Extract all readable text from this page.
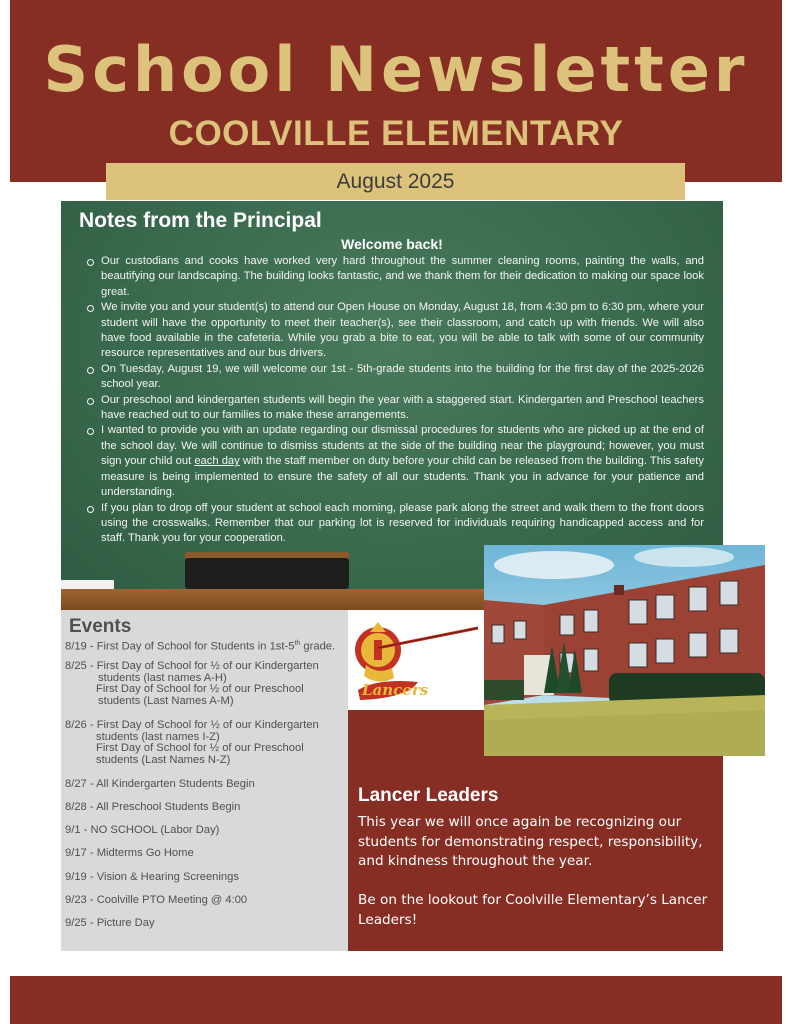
School Newsletter
COOLVILLE ELEMENTARY
August 2025
Notes from the Principal
Welcome back!
Our custodians and cooks have worked very hard throughout the summer cleaning rooms, painting the walls, and beautifying our landscaping. The building looks fantastic, and we thank them for their dedication to making our space look great.
We invite you and your student(s) to attend our Open House on Monday, August 18, from 4:30 pm to 6:30 pm, where your student will have the opportunity to meet their teacher(s), see their classroom, and catch up with friends. We will also have food available in the cafeteria. While you grab a bite to eat, you will be able to talk with some of our community resource representatives and our bus drivers.
On Tuesday, August 19, we will welcome our 1st - 5th-grade students into the building for the first day of the 2025-2026 school year.
Our preschool and kindergarten students will begin the year with a staggered start. Kindergarten and Preschool teachers have reached out to our families to make these arrangements.
I wanted to provide you with an update regarding our dismissal procedures for students who are picked up at the end of the school day. We will continue to dismiss students at the side of the building near the playground; however, you must sign your child out each day with the staff member on duty before your child can be released from the building. This safety measure is being implemented to ensure the safety of all our students. Thank you in advance for your patience and understanding.
If you plan to drop off your student at school each morning, please park along the street and walk them to the front doors using the crosswalks. Remember that our parking lot is reserved for individuals requiring handicapped access and for staff. Thank you for your cooperation.
Events
8/19 - First Day of School for Students in 1st-5th grade.
8/25 - First Day of School for ½ of our Kindergarten
students (last names A-H)
First Day of School for ½ of our Preschool
students (Last Names A-M)
8/26 - First Day of School for ½ of our Kindergarten
students (last names I-Z)
First Day of School for ½ of our Preschool
students (Last Names N-Z)
8/27 - All Kindergarten Students Begin
8/28 - All Preschool Students Begin
9/1 - NO SCHOOL (Labor Day)
9/17 - Midterms Go Home
9/19 - Vision & Hearing Screenings
9/23 - Coolville PTO Meeting @ 4:00
9/25 - Picture Day
Lancers
Lancer Leaders
This year we will once again be recognizing our students for demonstrating respect, responsibility, and kindness throughout the year.
Be on the lookout for Coolville Elementary’s Lancer Leaders!
